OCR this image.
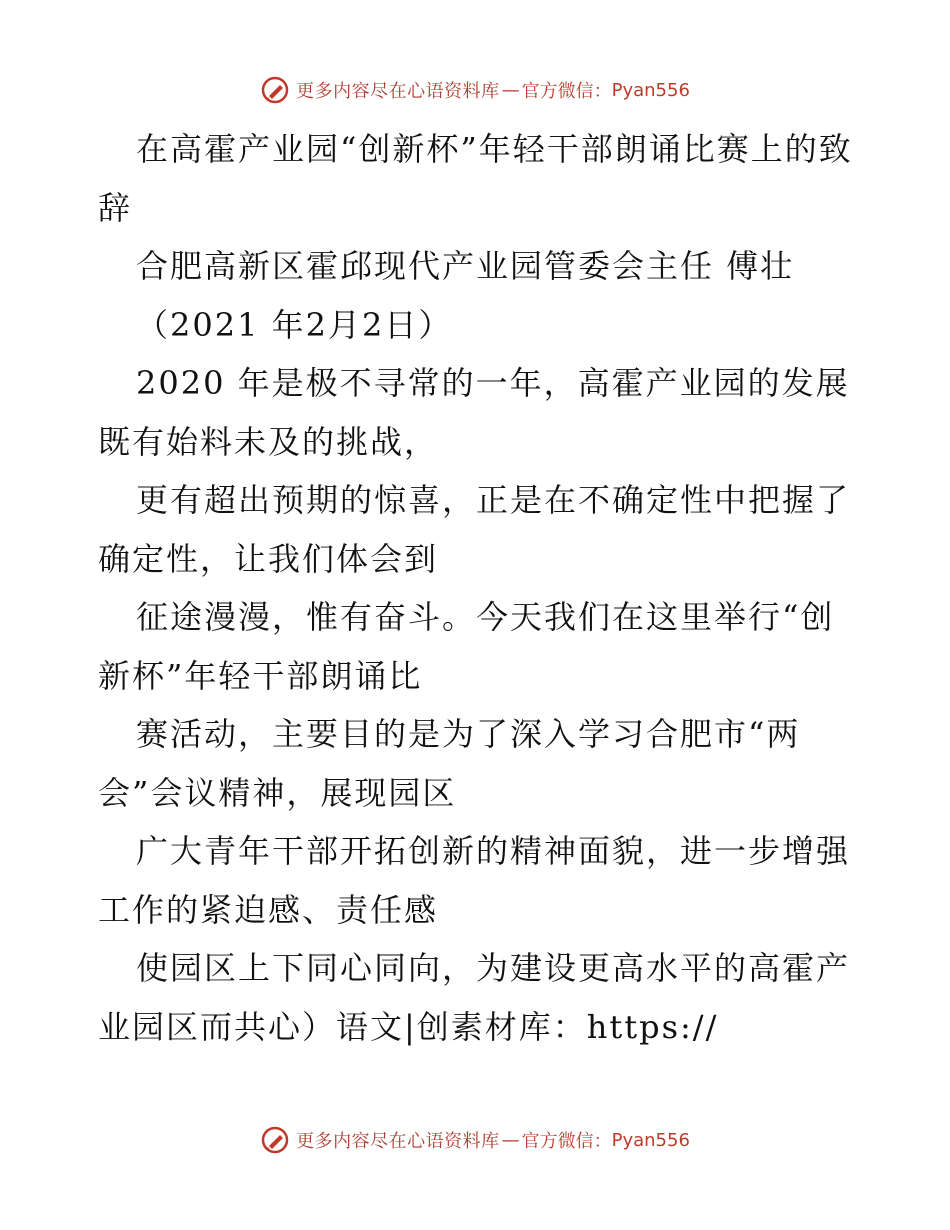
更多内容尽在心语资料库 — 官方微信： Pyan556

在高霍产业园“创新杯”年轻干部朗诵比赛上的致辞

合肥高新区霍邱现代产业园管委会主任 傅壮

（2021 年2月2日）

2020 年是极不寻常的一年，高霍产业园的发展既有始料未及的挑战，

更有超出预期的惊喜，正是在不确定性中把握了确定性，让我们体会到

征途漫漫，惟有奋斗。今天我们在这里举行“创新杯”年轻干部朗诵比

赛活动，主要目的是为了深入学习合肥市“两会”会议精神，展现园区

广大青年干部开拓创新的精神面貌，进一步增强工作的紧迫感、责任感

使园区上下同心同向，为建设更高水平的高霍产业园区而共心）语文|创素材库：https://

更多内容尽在心语资料库 — 官方微信： Pyan556
